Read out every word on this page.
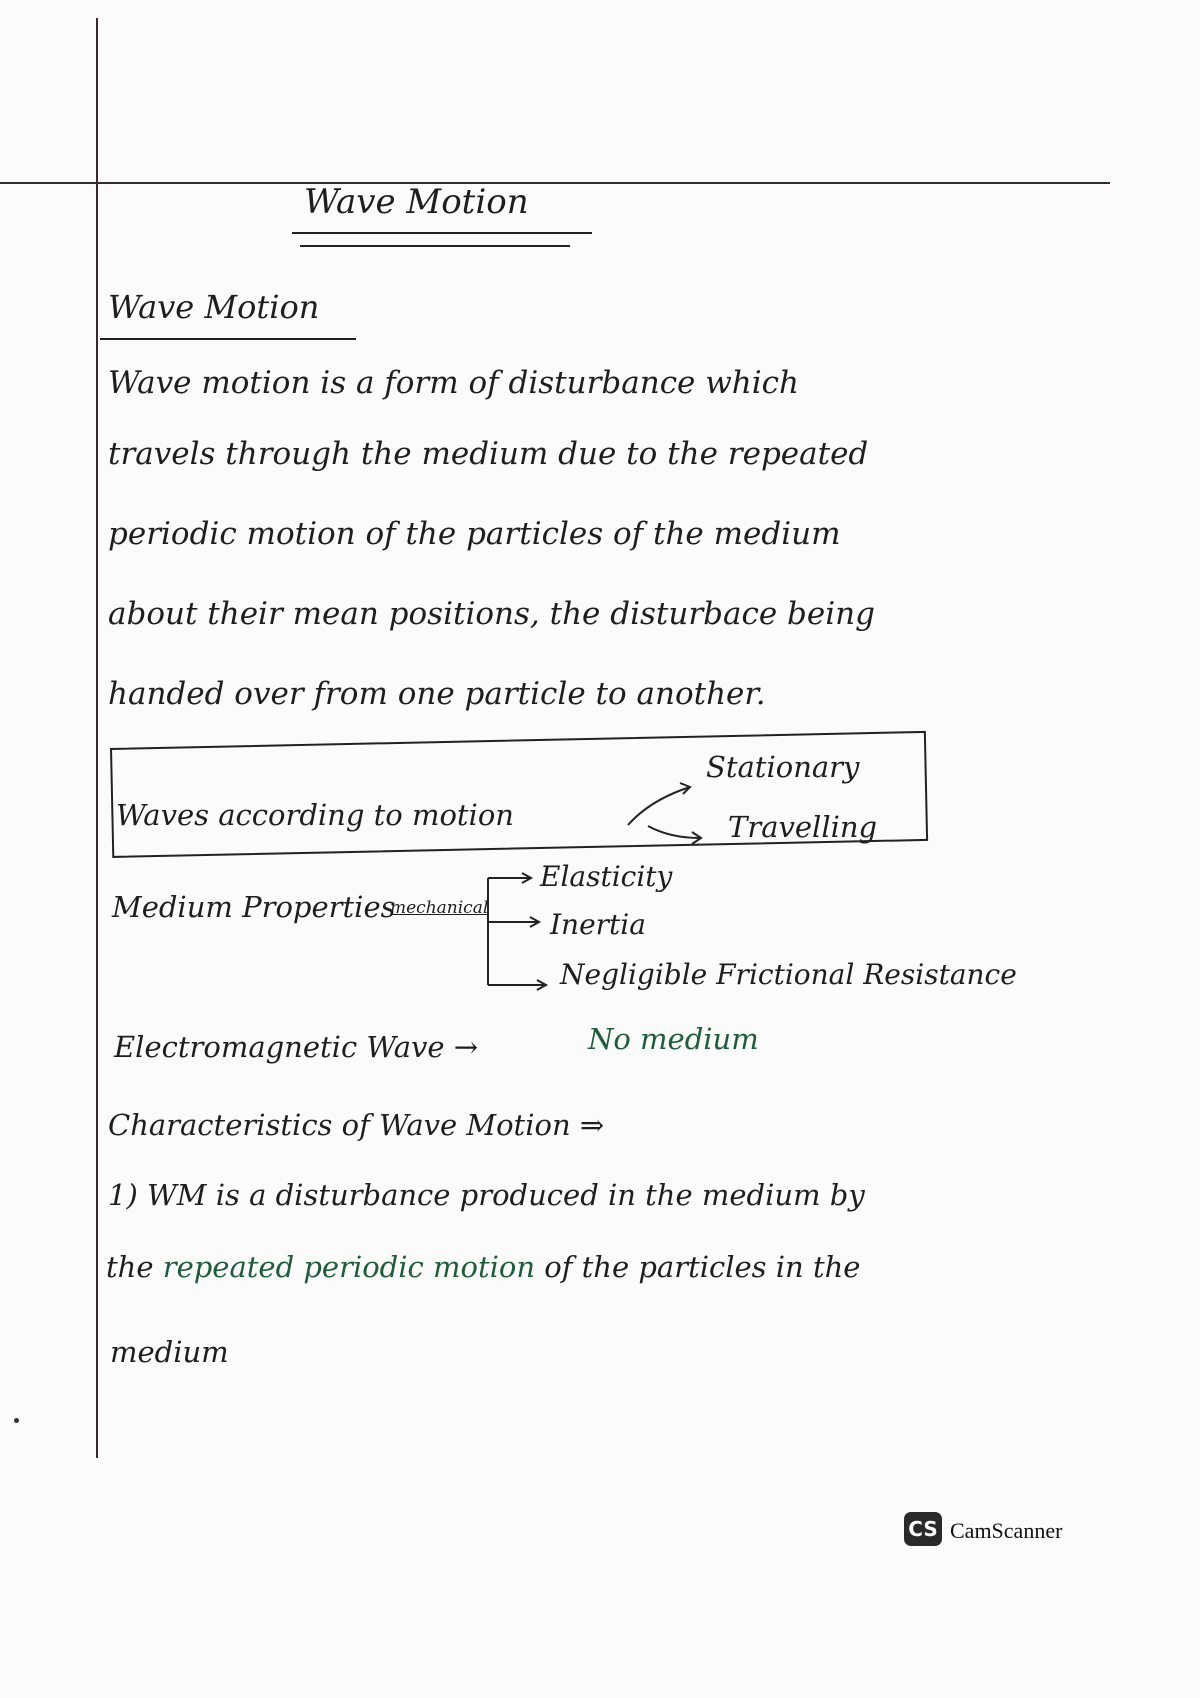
Wave Motion
Wave Motion
Wave motion is a form of disturbance which
travels through the medium due to the repeated
periodic motion of the particles of the medium
about their mean positions, the disturbace being
handed over from one particle to another.
Waves according to motion
Stationary
Travelling
Medium Properties
mechanical
Elasticity
Inertia
Negligible Frictional Resistance
Electromagnetic Wave →	No medium
Characteristics of Wave Motion ⇒
1) WM is a disturbance produced in the medium by
the repeated periodic motion of the particles in the
medium
CS CamScanner
